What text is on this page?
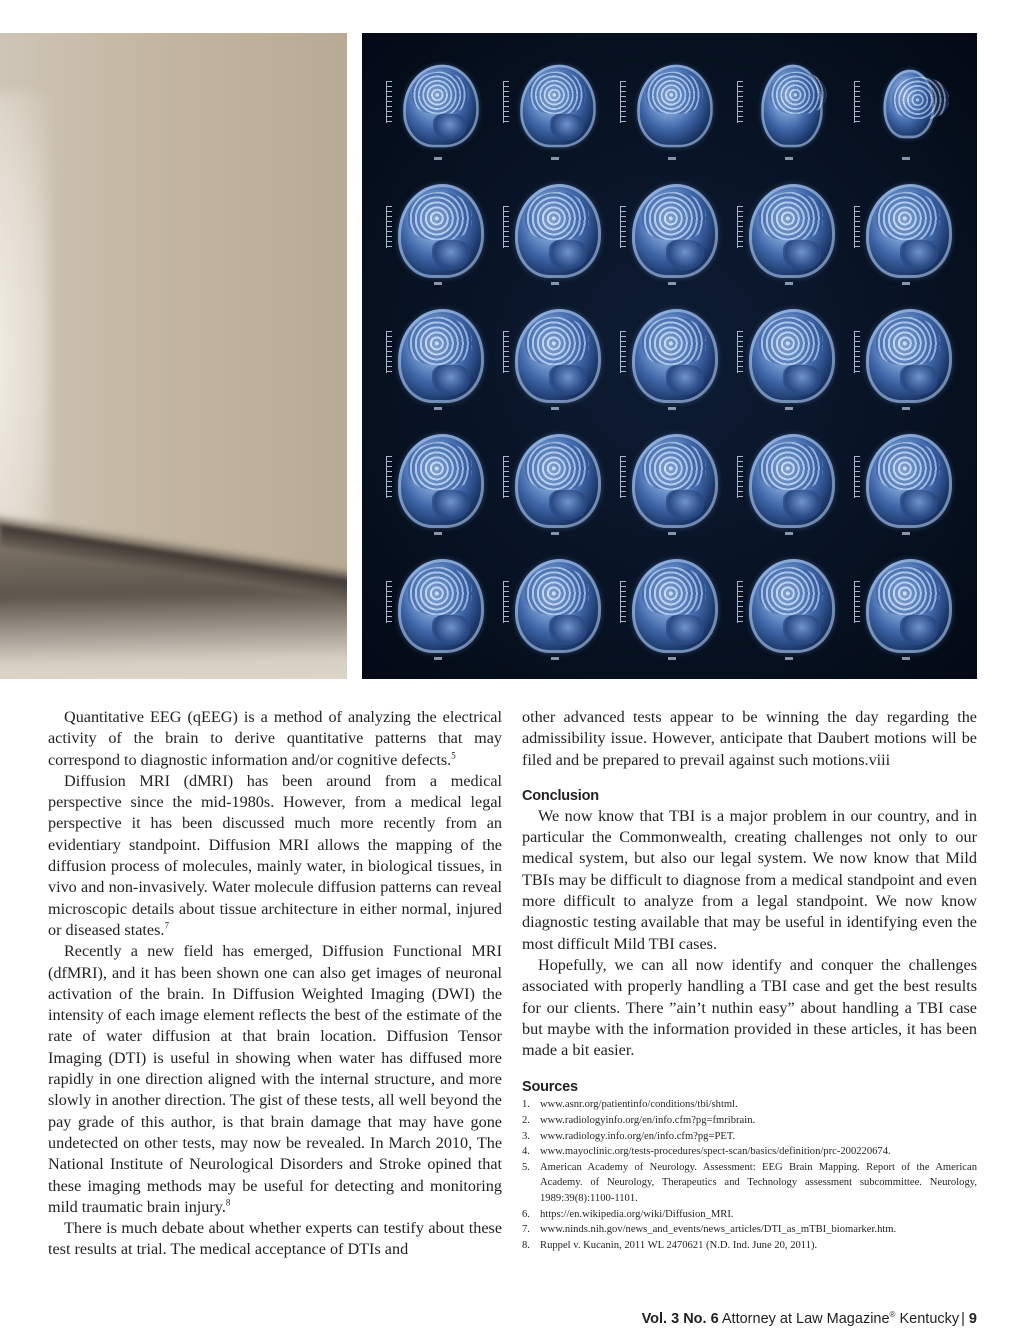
Quantitative EEG (qEEG) is a method of analyzing the electrical activity of the brain to derive quantitative patterns that may correspond to diagnostic information and/or cognitive defects.$^5$

Diffusion MRI (dMRI) has been around from a medical perspective since the mid-1980s. However, from a medical legal perspective it has been discussed much more recently from an evidentiary standpoint. Diffusion MRI allows the mapping of the diffusion process of molecules, mainly water, in biological tissues, in vivo and non-invasively. Water molecule diffusion patterns can reveal microscopic details about tissue architecture in either normal, injured or diseased states.$^7$

Recently a new field has emerged, Diffusion Functional MRI (dfMRI), and it has been shown one can also get images of neuronal activation of the brain. In Diffusion Weighted Imaging (DWI) the intensity of each image element reflects the best of the estimate of the rate of water diffusion at that brain location. Diffusion Tensor Imaging (DTI) is useful in showing when water has diffused more rapidly in one direction aligned with the internal structure, and more slowly in another direction. The gist of these tests, all well beyond the pay grade of this author, is that brain damage that may have gone undetected on other tests, may now be revealed. In March 2010, The National Institute of Neurological Disorders and Stroke opined that these imaging methods may be useful for detecting and monitoring mild traumatic brain injury.$^8$

There is much debate about whether experts can testify about these test results at trial. The medical acceptance of DTIs and

other advanced tests appear to be winning the day regarding the admissibility issue. However, anticipate that Daubert motions will be filed and be prepared to prevail against such motions.viii

Conclusion

We now know that TBI is a major problem in our country, and in particular the Commonwealth, creating challenges not only to our medical system, but also our legal system. We now know that Mild TBIs may be difficult to diagnose from a medical standpoint and even more difficult to analyze from a legal standpoint. We now know diagnostic testing available that may be useful in identifying even the most difficult Mild TBI cases.

Hopefully, we can all now identify and conquer the challenges associated with properly handling a TBI case and get the best results for our clients. There ”ain’t nuthin easy” about handling a TBI case but maybe with the information provided in these articles, it has been made a bit easier.

Sources
1. www.asnr.org/patientinfo/conditions/tbi/shtml.
2. www.radiologyinfo.org/en/info.cfm?pg=fmribrain.
3. www.radiology.info.org/en/info.cfm?pg=PET.
4. www.mayoclinic.org/tests-procedures/spect-scan/basics/definition/prc-200220674.
5. American Academy of Neurology. Assessment: EEG Brain Mapping. Report of the American Academy. of Neurology, Therapeutics and Technology assessment subcommittee. Neurology, 1989:39(8):1100-1101.
6. https://en.wikipedia.org/wiki/Diffusion_MRI.
7. www.ninds.nih.gov/news_and_events/news_articles/DTI_as_mTBI_biomarker.htm.
8. Ruppel v. Kucanin, 2011 WL 2470621 (N.D. Ind. June 20, 2011).
Vol. 3 No. 6 Attorney at Law Magazine® Kentucky | 9
